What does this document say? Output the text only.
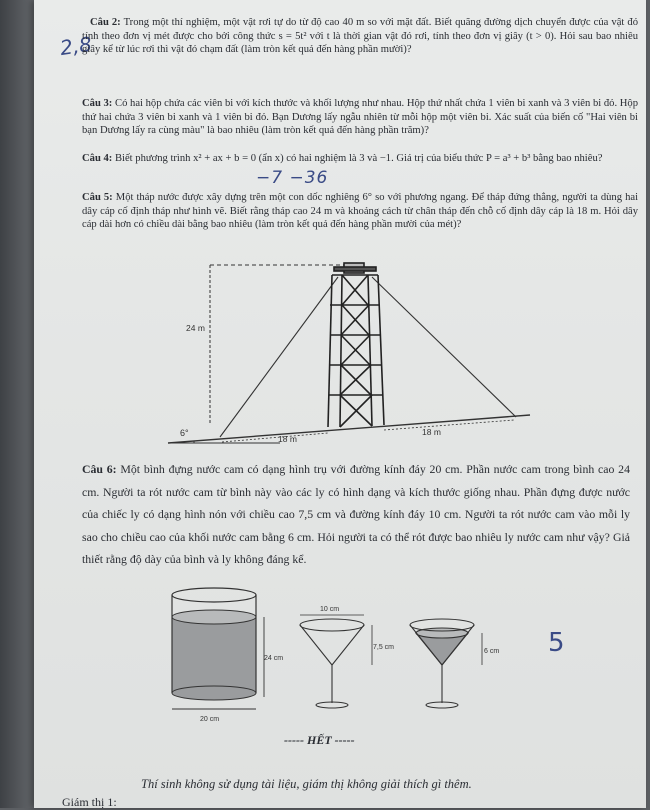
2,8

Câu 2: Trong một thí nghiệm, một vật rơi tự do từ độ cao 40 m so với mặt đất. Biết quãng đường dịch chuyển được của vật đó tính theo đơn vị mét được cho bởi công thức s = 5t² với t là thời gian vật đó rơi, tính theo đơn vị giây (t > 0). Hỏi sau bao nhiêu giây kể từ lúc rơi thì vật đó chạm đất (làm tròn kết quả đến hàng phần mười)?

Câu 3: Có hai hộp chứa các viên bi với kích thước và khối lượng như nhau. Hộp thứ nhất chứa 1 viên bi xanh và 3 viên bi đỏ. Hộp thứ hai chứa 3 viên bi xanh và 1 viên bi đỏ. Bạn Dương lấy ngẫu nhiên từ mỗi hộp một viên bi. Xác suất của biến cố "Hai viên bi bạn Dương lấy ra cùng màu" là bao nhiêu (làm tròn kết quả đến hàng phần trăm)?

Câu 4: Biết phương trình x² + ax + b = 0 (ẩn x) có hai nghiệm là 3 và −1. Giá trị của biểu thức P = a³ + b³ bằng bao nhiêu?

−7 −36

Câu 5: Một tháp nước được xây dựng trên một con dốc nghiêng 6° so với phương ngang. Để tháp đứng thẳng, người ta dùng hai dây cáp cố định tháp như hình vẽ. Biết rằng tháp cao 24 m và khoảng cách từ chân tháp đến chỗ cố định dây cáp là 18 m. Hỏi dây cáp dài hơn có chiều dài bằng bao nhiêu (làm tròn kết quả đến hàng phần mười của mét)?

24 m
6°
18 m
18 m

Câu 6: Một bình đựng nước cam có dạng hình trụ với đường kính đáy 20 cm. Phần nước cam trong bình cao 24 cm. Người ta rót nước cam từ bình này vào các ly có hình dạng và kích thước giống nhau. Phần đựng được nước của chiếc ly có dạng hình nón với chiều cao 7,5 cm và đường kính đáy 10 cm. Người ta rót nước cam vào mỗi ly sao cho chiều cao của khối nước cam bằng 6 cm. Hỏi người ta có thể rót được bao nhiêu ly nước cam như vậy? Giả thiết rằng độ dày của bình và ly không đáng kể.

24 cm
20 cm
10 cm
7,5 cm
6 cm 5
----- HẾT -----
Thí sinh không sử dụng tài liệu, giám thị không giải thích gì thêm.
Giám thị 1:
